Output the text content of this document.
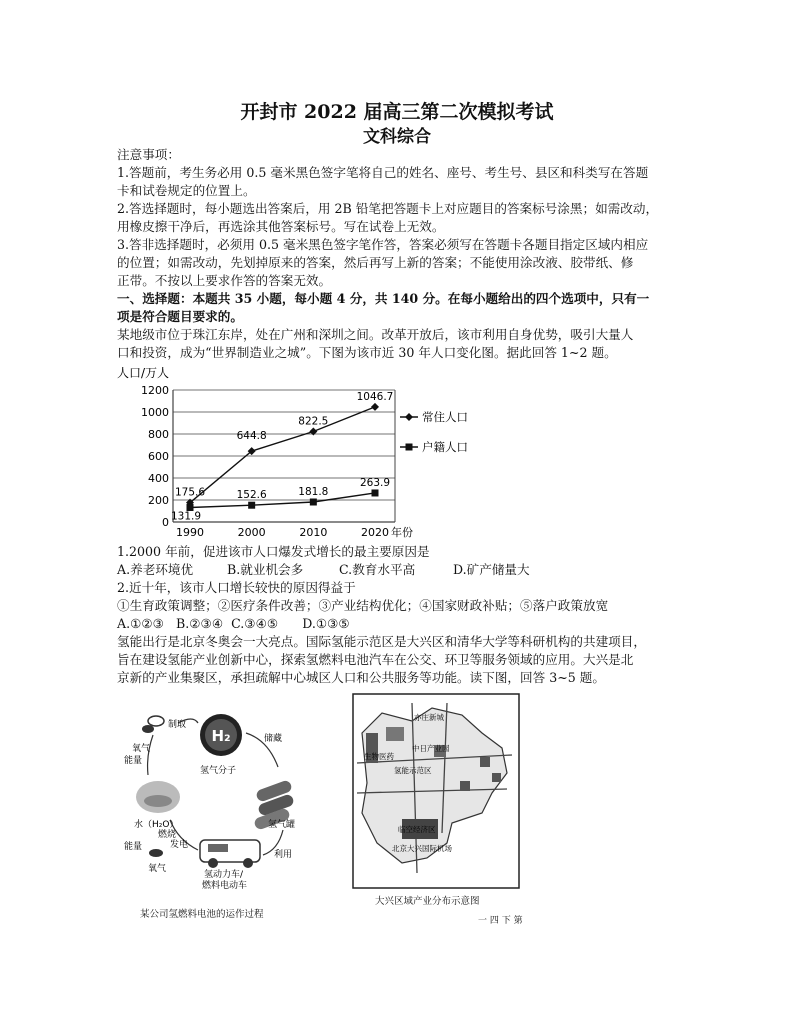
开封市 2022 届高三第二次模拟考试
文科综合
注意事项：
1.答题前，考生务必用 0.5 毫米黑色签字笔将自己的姓名、座号、考生号、县区和科类写在答题
卡和试卷规定的位置上。
2.答选择题时，每小题选出答案后，用 2B 铅笔把答题卡上对应题目的答案标号涂黑；如需改动，
用橡皮擦干净后，再选涂其他答案标号。写在试卷上无效。
3.答非选择题时，必须用 0.5 毫米黑色签字笔作答，答案必须写在答题卡各题目指定区域内相应
的位置；如需改动，先划掉原来的答案，然后再写上新的答案；不能使用涂改液、胶带纸、修
正带。不按以上要求作答的答案无效。
一、选择题：本题共 35 小题，每小题 4 分，共 140 分。在每小题给出的四个选项中，只有一
项是符合题目要求的。
某地级市位于珠江东岸，处在广州和深圳之间。改革开放后，该市利用自身优势，吸引大量人
口和投资，成为“世界制造业之城”。下图为该市近 30 年人口变化图。据此回答 1~2 题。
人口/万人
0
200
400
600
800
1000
1200
1990	2000	2010	2020 年份
175.6
644.8
822.5
1046.7
131.9
152.6	181.8
263.9
常住人口
户籍人口
1.2000 年前，促进该市人口爆发式增长的最主要原因是
A.养老环境优	B.就业机会多	C.教育水平高	D.矿产储量大
2.近十年，该市人口增长较快的原因得益于
①生育政策调整；②医疗条件改善；③产业结构优化；④国家财政补贴；⑤落户政策放宽
A.①②③   B.②③④  C.③④⑤      D.①③⑤
氢能出行是北京冬奥会一大亮点。国际氢能示范区是大兴区和清华大学等科研机构的共建项目，
旨在建设氢能产业创新中心，探索氢燃料电池汽车在公交、环卫等服务领域的应用。大兴是北
京新的产业集聚区，承担疏解中心城区人口和公共服务等功能。读下图，回答 3~5 题。
H₂
制取
氧气
能量
氢气分子
储藏
氢气罐
利用
氢动力车/
燃料电动车
燃烧
发电
能量
氧气
水（H₂O）
某公司氢燃料电池的运作过程
亦庄新城
生物医药
氢能示范区
中日产业园
临空经济区
北京大兴国际机场
大兴区域产业分布示意图
一 四 下 第
